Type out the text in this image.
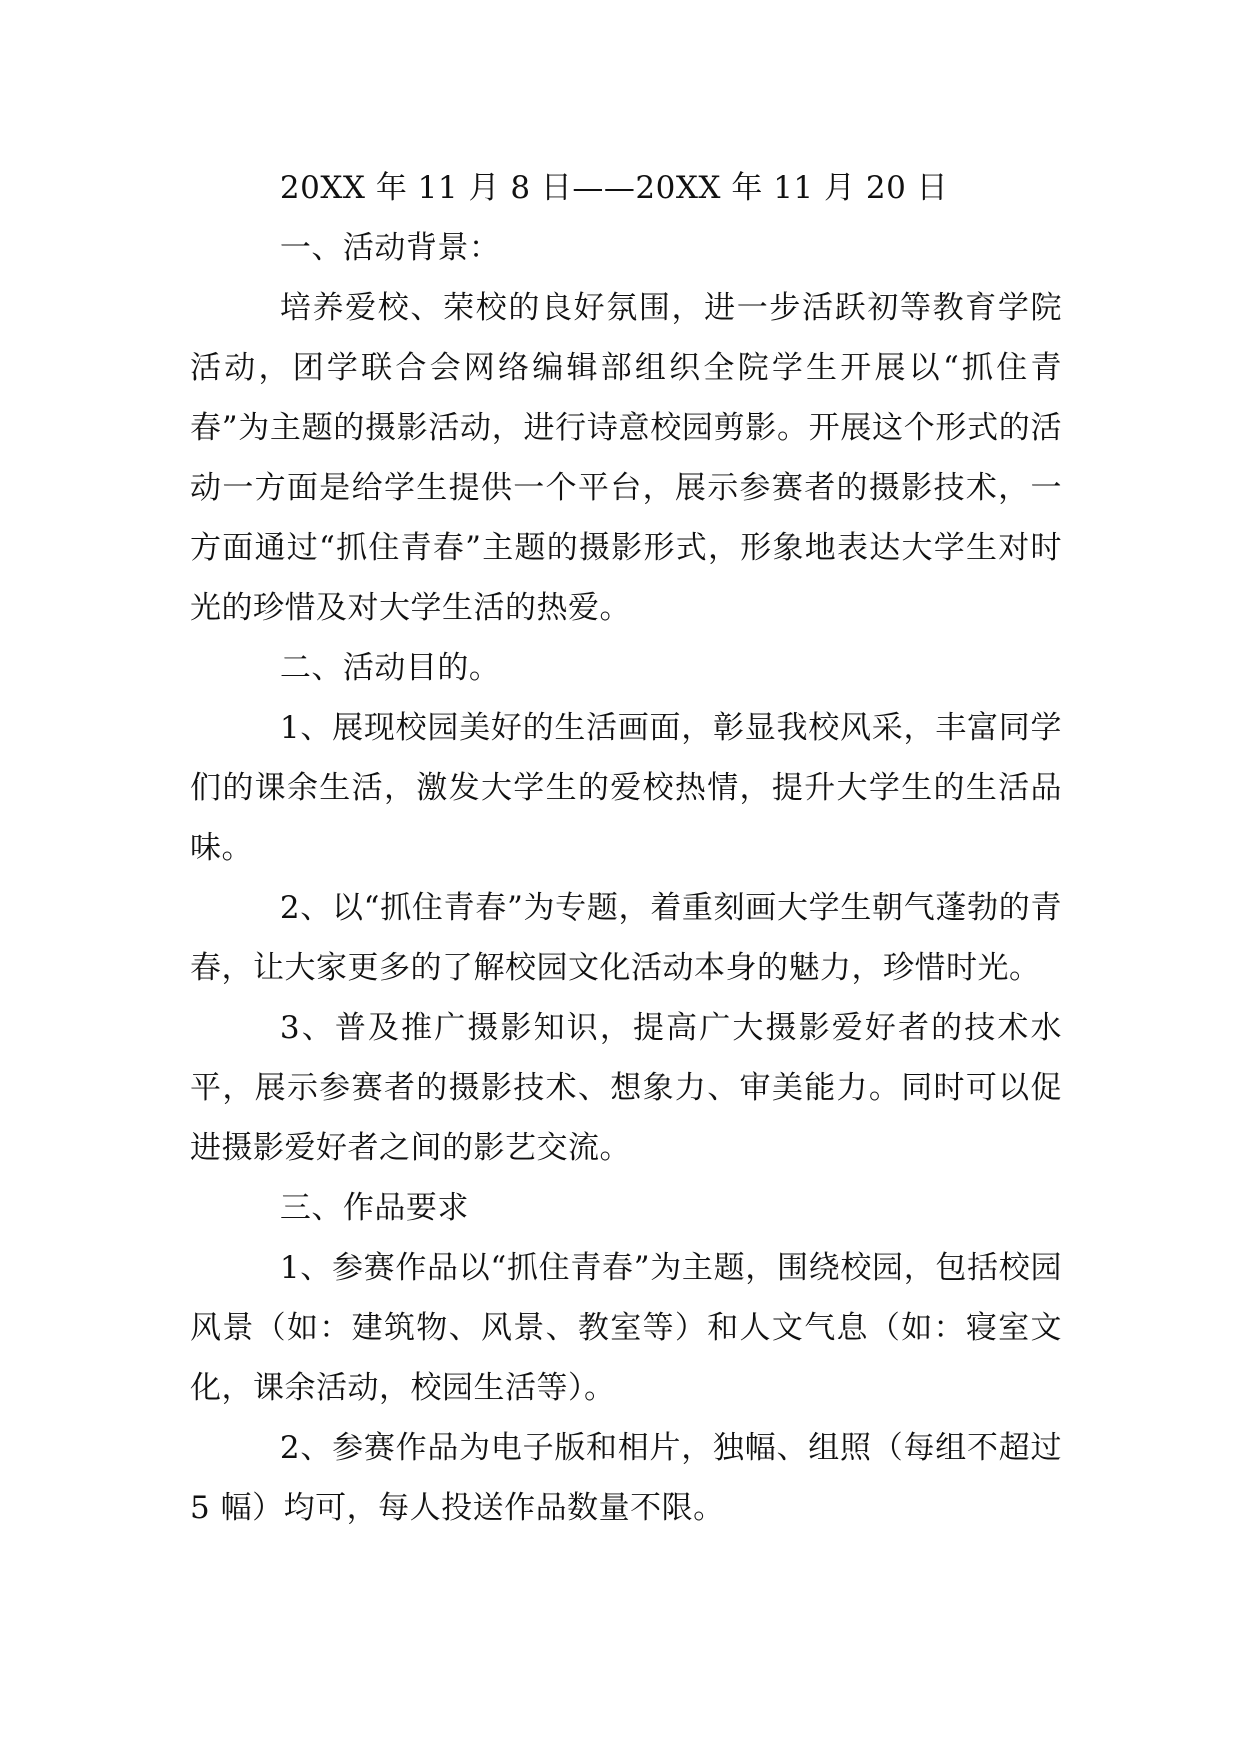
20XX 年 11 月 8 日——20XX 年 11 月 20 日

一、活动背景：

培养爱校、荣校的良好氛围，进一步活跃初等教育学院活动，团学联合会网络编辑部组织全院学生开展以“抓住青春”为主题的摄影活动，进行诗意校园剪影。开展这个形式的活动一方面是给学生提供一个平台，展示参赛者的摄影技术，一方面通过“抓住青春”主题的摄影形式，形象地表达大学生对时光的珍惜及对大学生活的热爱。

二、活动目的。

1、展现校园美好的生活画面，彰显我校风采，丰富同学们的课余生活，激发大学生的爱校热情，提升大学生的生活品味。

2、以“抓住青春”为专题，着重刻画大学生朝气蓬勃的青春，让大家更多的了解校园文化活动本身的魅力，珍惜时光。

3、普及推广摄影知识，提高广大摄影爱好者的技术水平，展示参赛者的摄影技术、想象力、审美能力。同时可以促进摄影爱好者之间的影艺交流。

三、作品要求

1、参赛作品以“抓住青春”为主题，围绕校园，包括校园风景（如：建筑物、风景、教室等）和人文气息（如：寝室文化，课余活动，校园生活等）。

2、参赛作品为电子版和相片，独幅、组照（每组不超过 5 幅）均可，每人投送作品数量不限。
